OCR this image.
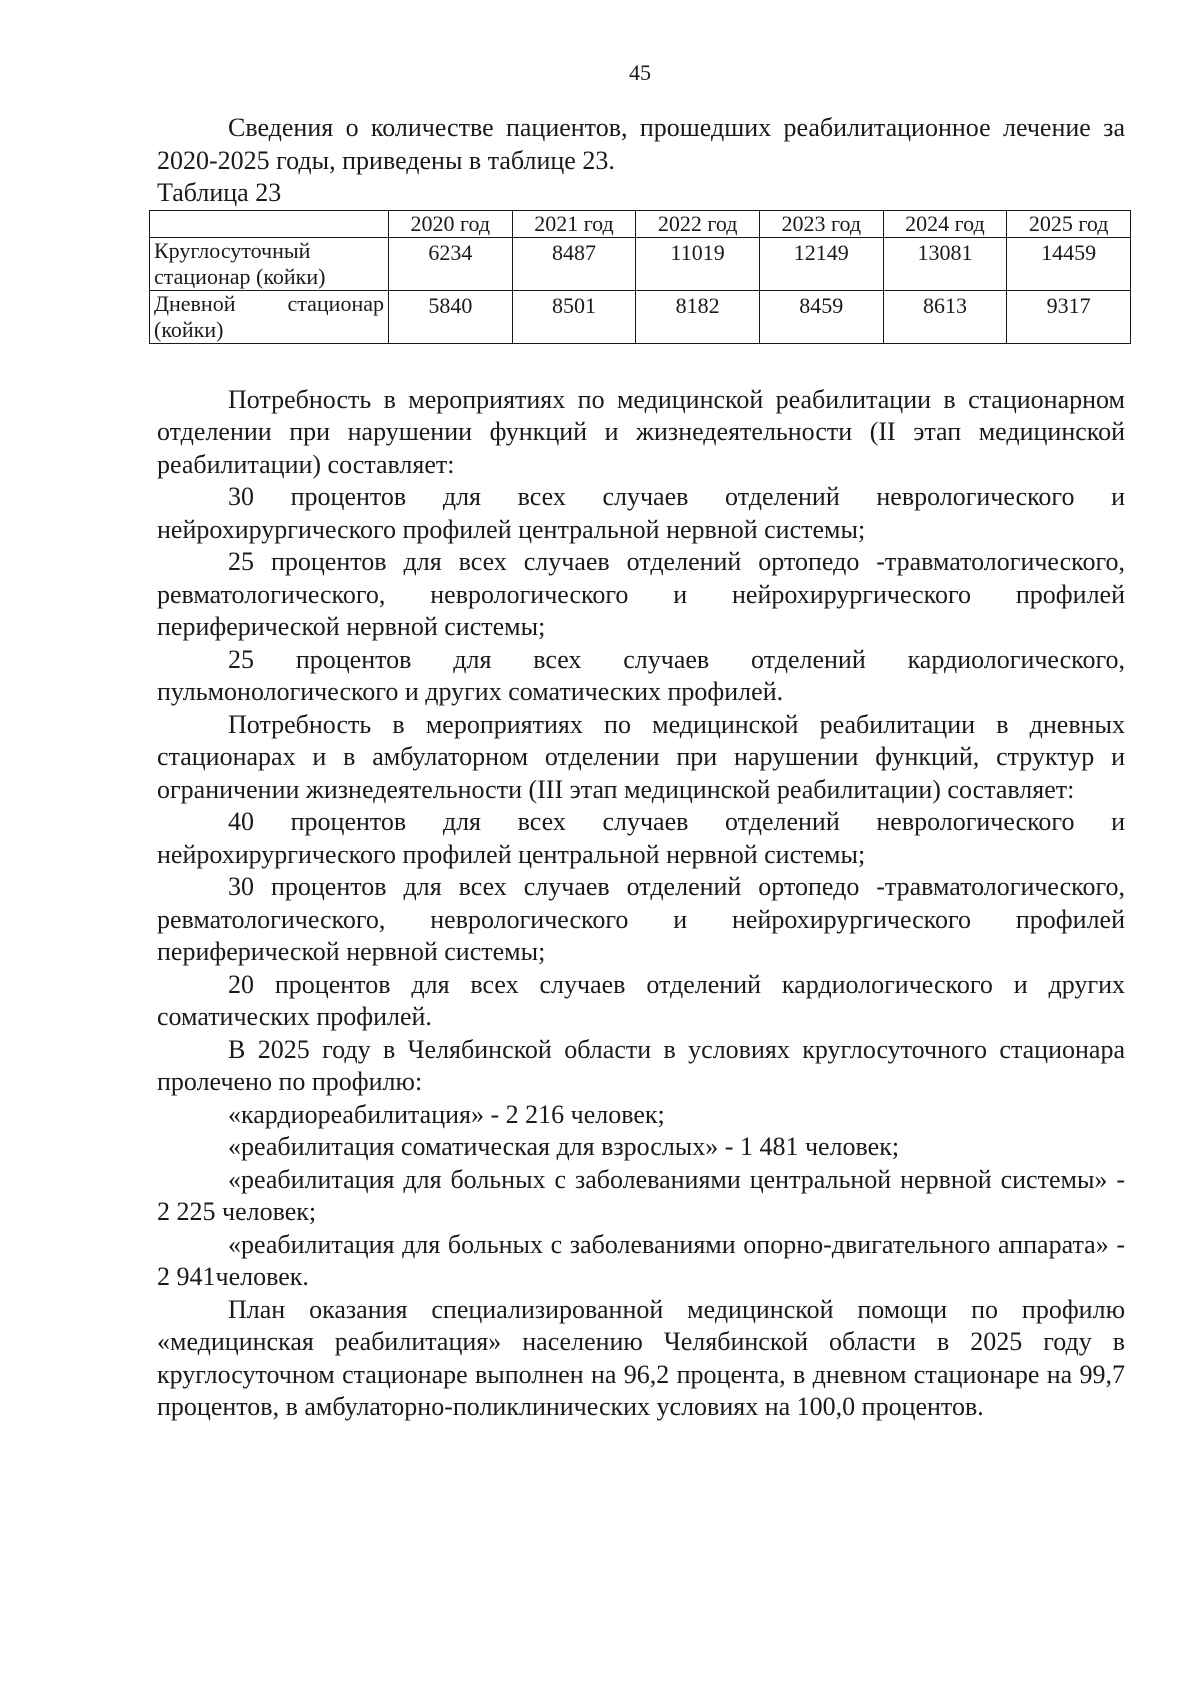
45

Сведения о количестве пациентов, прошедших реабилитационное лечение за 2020-2025 годы, приведены в таблице 23.

Таблица 23

	2020 год	2021 год	2022 год	2023 год	2024 год	2025 год
Круглосуточный
стационар (койки)	6234	8487	11019	12149	13081	14459

Дневной стационар
(койки)	5840	8501	8182	8459	8613	9317

Потребность в мероприятиях по медицинской реабилитации в стационарном отделении при нарушении функций и жизнедеятельности (II этап медицинской реабилитации) составляет:

30 процентов для всех случаев отделений неврологического и нейрохирургического профилей центральной нервной системы;

25 процентов для всех случаев отделений ортопедо -травматологического, ревматологического, неврологического и нейрохирургического профилей периферической нервной системы;

25 процентов для всех случаев отделений кардиологического, пульмонологического и других соматических профилей.

Потребность в мероприятиях по медицинской реабилитации в дневных стационарах и в амбулаторном отделении при нарушении функций, структур и ограничении жизнедеятельности (III этап медицинской реабилитации) составляет:

40 процентов для всех случаев отделений неврологического и нейрохирургического профилей центральной нервной системы;

30 процентов для всех случаев отделений ортопедо -травматологического, ревматологического, неврологического и нейрохирургического профилей периферической нервной системы;

20 процентов для всех случаев отделений кардиологического и других соматических профилей.

В 2025 году в Челябинской области в условиях круглосуточного стационара пролечено по профилю:

«кардиореабилитация» - 2 216 человек;

«реабилитация соматическая для взрослых» - 1 481 человек;

«реабилитация для больных с заболеваниями центральной нервной системы» - 2 225 человек;

«реабилитация для больных с заболеваниями опорно-двигательного аппарата» - 2 941человек.

План оказания специализированной медицинской помощи по профилю «медицинская реабилитация» населению Челябинской области в 2025 году в круглосуточном стационаре выполнен на 96,2 процента, в дневном стационаре на 99,7 процентов, в амбулаторно-поликлинических условиях на 100,0 процентов.
